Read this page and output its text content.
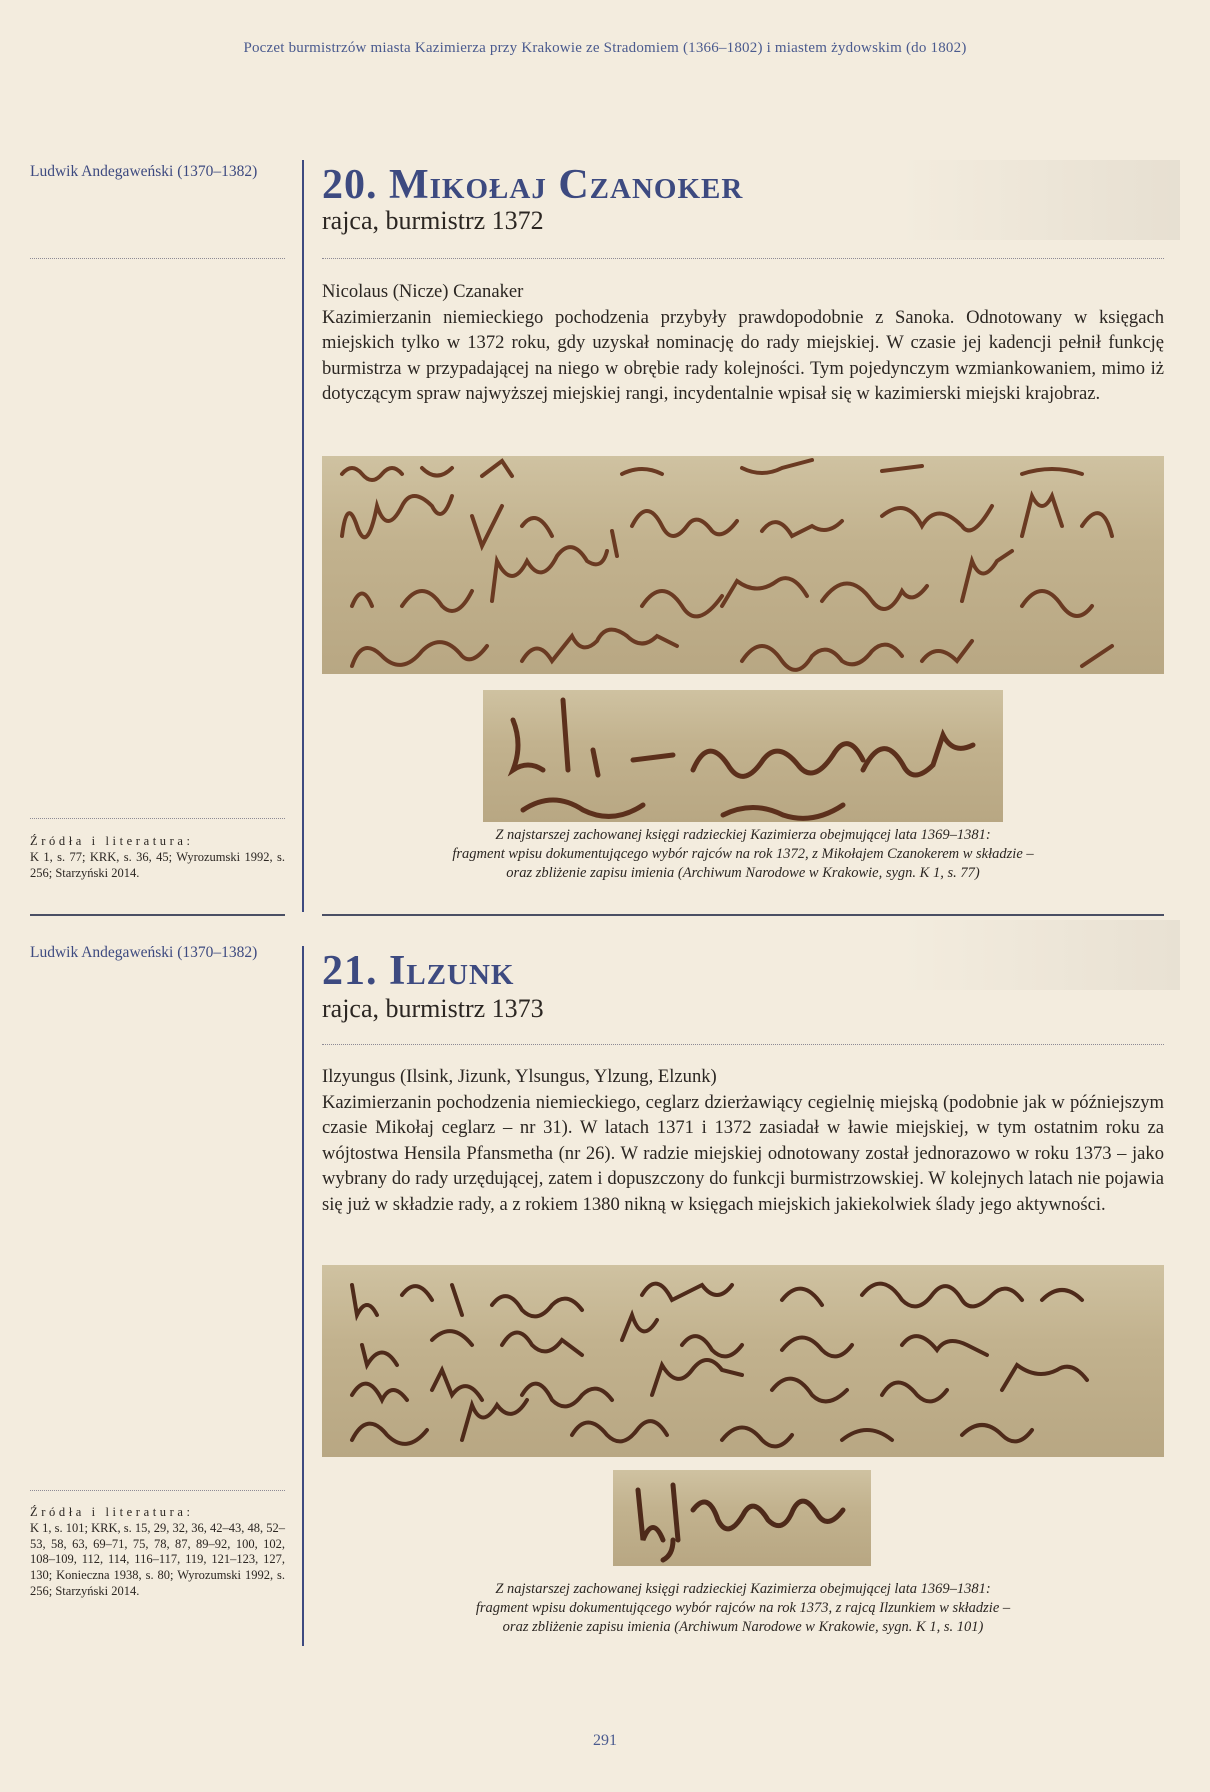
Poczet burmistrzów miasta Kazimierza przy Krakowie ze Stradomiem (1366–1802) i miastem żydowskim (do 1802)
Ludwik Andegaweński (1370–1382)	20. Mikołaj Czanoker
rajca, burmistrz 1372

Nicolaus (Nicze) Czanaker
Kazimierzanin niemieckiego pochodzenia przybyły prawdopodobnie z Sanoka. Odnotowany w księgach miejskich tylko w 1372 roku, gdy uzyskał nominację do rady miejskiej. W czasie jej kadencji pełnił funkcję burmistrza w przypadającej na niego w obrębie rady kolejności. Tym pojedynczym wzmiankowaniem, mimo iż dotyczącym spraw najwyższej miejskiej rangi, incydentalnie wpisał się w kazimierski miejski krajobraz.

Źródła i literatura:
K 1, s. 77; KRK, s. 36, 45; Wyrozumski 1992, s. 256; Starzyński 2014.
Z najstarszej zachowanej księgi radzieckiej Kazimierza obejmującej lata 1369–1381:
fragment wpisu dokumentującego wybór rajców na rok 1372, z Mikołajem Czanokerem w składzie –
oraz zbliżenie zapisu imienia (Archiwum Narodowe w Krakowie, sygn. K 1, s. 77)
Ludwik Andegaweński (1370–1382)	21. Ilzunk
rajca, burmistrz 1373

Ilzyungus (Ilsink, Jizunk, Ylsungus, Ylzung, Elzunk)
Kazimierzanin pochodzenia niemieckiego, ceglarz dzierżawiący cegielnię miejską (podobnie jak w późniejszym czasie Mikołaj ceglarz – nr 31). W latach 1371 i 1372 zasiadał w ławie miejskiej, w tym ostatnim roku za wójtostwa Hensila Pfansmetha (nr 26). W radzie miejskiej odnotowany został jednorazowo w roku 1373 – jako wybrany do rady urzędującej, zatem i dopuszczony do funkcji burmistrzowskiej. W kolejnych latach nie pojawia się już w składzie rady, a z rokiem 1380 nikną w księgach miejskich jakiekolwiek ślady jego aktywności.

Źródła i literatura:
K 1, s. 101; KRK, s. 15, 29, 32, 36, 42–43, 48, 52–53, 58, 63, 69–71, 75, 78, 87, 89–92, 100, 102, 108–109, 112, 114, 116–117, 119, 121–123, 127, 130; Konieczna 1938, s. 80; Wyrozumski 1992, s. 256; Starzyński 2014.	Z najstarszej zachowanej księgi radzieckiej Kazimierza obejmującej lata 1369–1381:
fragment wpisu dokumentującego wybór rajców na rok 1373, z rajcą Ilzunkiem w składzie –
oraz zbliżenie zapisu imienia (Archiwum Narodowe w Krakowie, sygn. K 1, s. 101)
291
